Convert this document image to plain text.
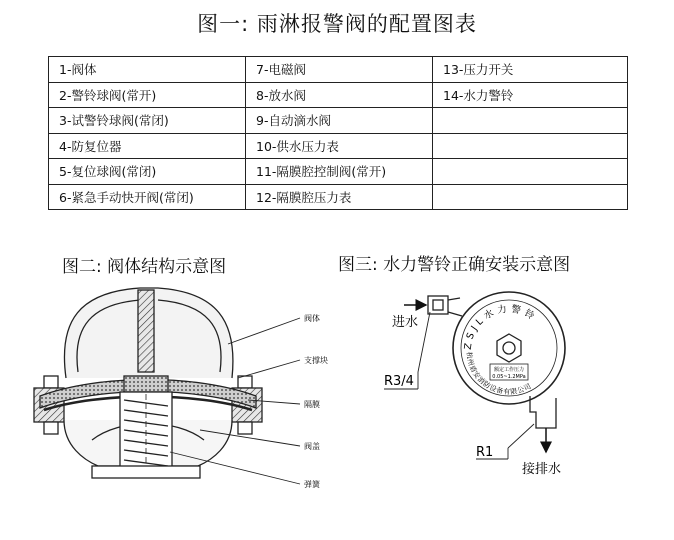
图一: 雨淋报警阀的配置图表
1-阀体	7-电磁阀	13-压力开关
2-警铃球阀(常开)	8-放水阀	14-水力警铃
3-试警铃球阀(常闭)	9-自动滴水阀	
4-防复位器	10-供水压力表	
5-复位球阀(常闭)	11-隔膜腔控制阀(常开)	
6-紧急手动快开阀(常闭)	12-隔膜腔压力表	
图二: 阀体结构示意图	图三: 水力警铃正确安装示意图
阀体
支撑块
隔膜
阀盖
弹簧
ZSJL水力警铃
杭州盾安消防设备有限公司
额定工作压力
0.05~1.2MPa
进水
R3/4
R1
接排水
